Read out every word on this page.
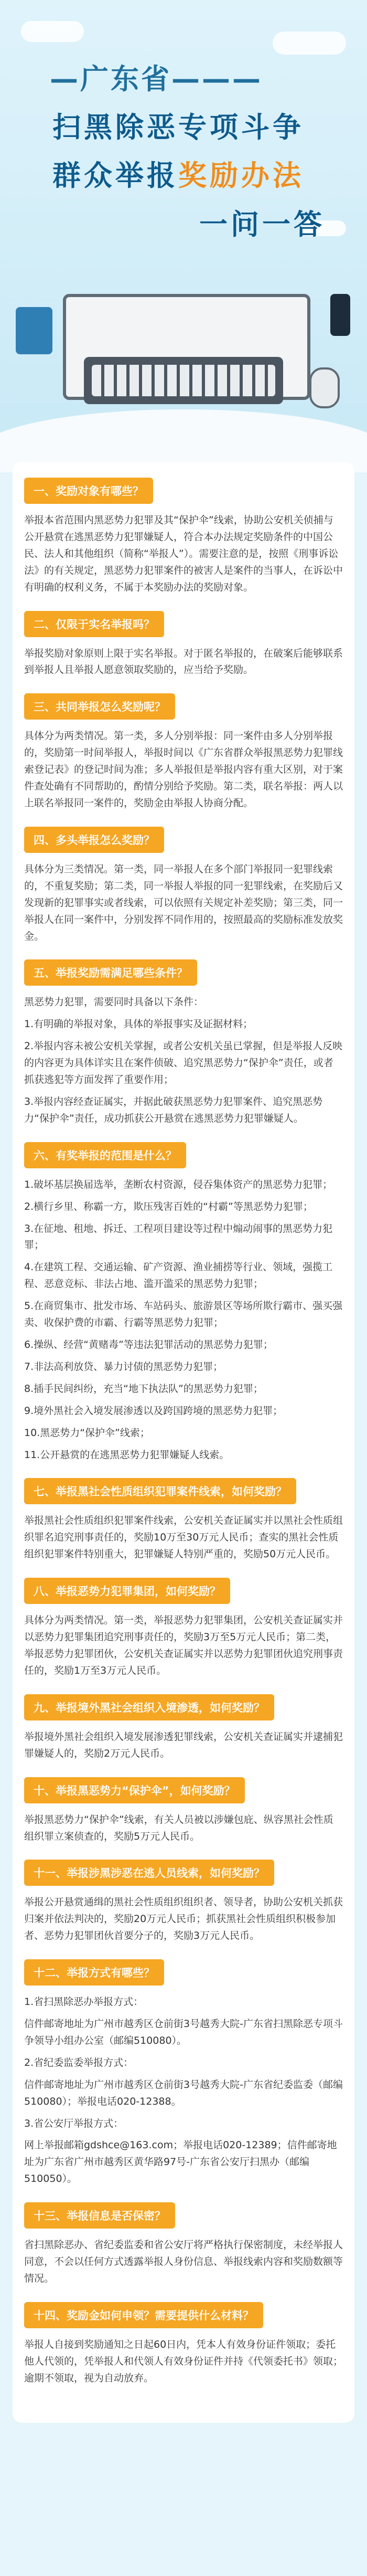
—广东省———
扫黑除恶专项斗争
群众举报奖励办法
一问一答
一、奖励对象有哪些？

举报本省范围内黑恶势力犯罪及其“保护伞”线索，协助公安机关侦捕与公开悬赏在逃黑恶势力犯罪嫌疑人，符合本办法规定奖励条件的中国公民、法人和其他组织（简称“举报人”）。需要注意的是，按照《刑事诉讼法》的有关规定，黑恶势力犯罪案件的被害人是案件的当事人，在诉讼中有明确的权利义务，不属于本奖励办法的奖励对象。

二、仅限于实名举报吗？

举报奖励对象原则上限于实名举报。对于匿名举报的，在破案后能够联系到举报人且举报人愿意领取奖励的，应当给予奖励。

三、共同举报怎么奖励呢？

具体分为两类情况。第一类，多人分别举报：同一案件由多人分别举报的，奖励第一时间举报人，举报时间以《广东省群众举报黑恶势力犯罪线索登记表》的登记时间为准；多人举报但是举报内容有重大区别，对于案件查处确有不同帮助的，酌情分别给予奖励。第二类，联名举报：两人以上联名举报同一案件的，奖励金由举报人协商分配。

四、多头举报怎么奖励？

具体分为三类情况。第一类，同一举报人在多个部门举报同一犯罪线索的，不重复奖励；第二类，同一举报人举报的同一犯罪线索，在奖励后又发现新的犯罪事实或者线索，可以依照有关规定补差奖励；第三类，同一举报人在同一案件中，分别发挥不同作用的，按照最高的奖励标准发放奖金。

五、举报奖励需满足哪些条件？

黑恶势力犯罪，需要同时具备以下条件：

1.有明确的举报对象，具体的举报事实及证据材料；

2.举报内容未被公安机关掌握，或者公安机关虽已掌握，但是举报人反映的内容更为具体详实且在案件侦破、追究黑恶势力“保护伞”责任，或者抓获逃犯等方面发挥了重要作用；

3.举报内容经查证属实，并据此破获黑恶势力犯罪案件、追究黑恶势力“保护伞”责任，成功抓获公开悬赏在逃黑恶势力犯罪嫌疑人。

六、有奖举报的范围是什么？

1.破坏基层换届选举，垄断农村资源，侵吞集体资产的黑恶势力犯罪；

2.横行乡里、称霸一方，欺压残害百姓的“村霸”等黑恶势力犯罪；

3.在征地、租地、拆迁、工程项目建设等过程中煽动闹事的黑恶势力犯罪；

4.在建筑工程、交通运输、矿产资源、渔业捕捞等行业、领域，强揽工程、恶意竞标、非法占地、滥开滥采的黑恶势力犯罪；

5.在商贸集市、批发市场、车站码头、旅游景区等场所欺行霸市、强买强卖、收保护费的市霸、行霸等黑恶势力犯罪；

6.操纵、经营“黄赌毒”等违法犯罪活动的黑恶势力犯罪；

7.非法高利放贷、暴力讨债的黑恶势力犯罪；

8.插手民间纠纷，充当“地下执法队”的黑恶势力犯罪；

9.境外黑社会入境发展渗透以及跨国跨境的黑恶势力犯罪；

10.黑恶势力“保护伞”线索；

11.公开悬赏的在逃黑恶势力犯罪嫌疑人线索。

七、举报黑社会性质组织犯罪案件线索，如何奖励？

举报黑社会性质组织犯罪案件线索，公安机关查证属实并以黑社会性质组织罪名追究刑事责任的，奖励10万至30万元人民币；查实的黑社会性质组织犯罪案件特别重大，犯罪嫌疑人特别严重的，奖励50万元人民币。

八、举报恶势力犯罪集团，如何奖励？

具体分为两类情况。第一类，举报恶势力犯罪集团，公安机关查证属实并以恶势力犯罪集团追究刑事责任的，奖励3万至5万元人民币；第二类，举报恶势力犯罪团伙，公安机关查证属实并以恶势力犯罪团伙追究刑事责任的，奖励1万至3万元人民币。

九、举报境外黑社会组织入境渗透，如何奖励？

举报境外黑社会组织入境发展渗透犯罪线索，公安机关查证属实并逮捕犯罪嫌疑人的，奖励2万元人民币。

十、举报黑恶势力“保护伞”，如何奖励？

举报黑恶势力“保护伞”线索，有关人员被以涉嫌包庇、纵容黑社会性质组织罪立案侦查的，奖励5万元人民币。

十一、举报涉黑涉恶在逃人员线索，如何奖励？

举报公开悬赏通缉的黑社会性质组织组织者、领导者，协助公安机关抓获归案并依法判决的，奖励20万元人民币；抓获黑社会性质组织积极参加者、恶势力犯罪团伙首要分子的，奖励3万元人民币。

十二、举报方式有哪些？

1.省扫黑除恶办举报方式：

信件邮寄地址为广州市越秀区仓前街3号越秀大院-广东省扫黑除恶专项斗争领导小组办公室（邮编510080）。

2.省纪委监委举报方式：

信件邮寄地址为广州市越秀区仓前街3号越秀大院-广东省纪委监委（邮编510080）；举报电话020-12388。

3.省公安厅举报方式：

网上举报邮箱gdshce@163.com；举报电话020-12389；信件邮寄地址为广东省广州市越秀区黄华路97号-广东省公安厅扫黑办（邮编510050）。

十三、举报信息是否保密？

省扫黑除恶办、省纪委监委和省公安厅将严格执行保密制度，未经举报人同意，不会以任何方式透露举报人身份信息、举报线索内容和奖励数额等情况。

十四、奖励金如何申领？需要提供什么材料？

举报人自接到奖励通知之日起60日内，凭本人有效身份证件领取；委托他人代领的，凭举报人和代领人有效身份证件并持《代领委托书》领取；逾期不领取，视为自动放弃。
